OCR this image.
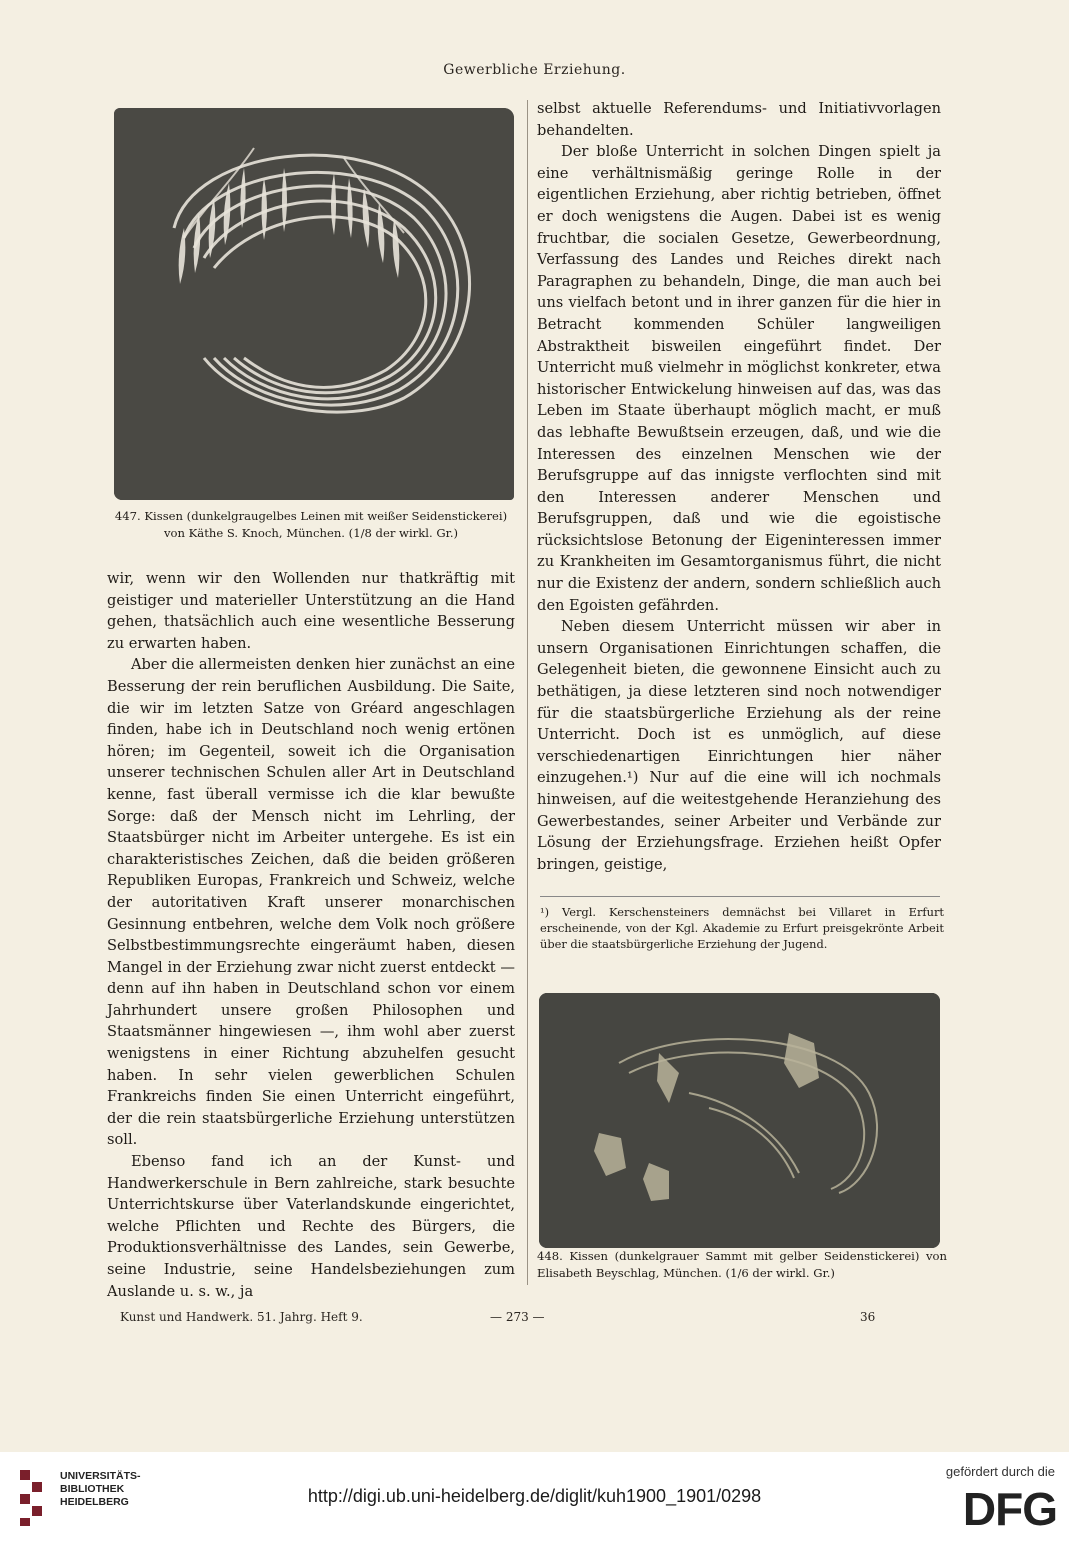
Gewerbliche Erziehung.
447. Kissen (dunkelgraugelbes Leinen mit weißer Seidenstickerei)
von Käthe S. Knoch, München. (1/8 der wirkl. Gr.)

wir, wenn wir den Wollenden nur thatkräftig mit geistiger und materieller Unterstützung an die Hand gehen, thatsächlich auch eine wesentliche Besserung zu erwarten haben.

Aber die allermeisten denken hier zunächst an eine Besserung der rein beruflichen Ausbildung. Die Saite, die wir im letzten Satze von Gréard angeschlagen finden, habe ich in Deutschland noch wenig ertönen hören; im Gegenteil, soweit ich die Organisation unserer technischen Schulen aller Art in Deutschland kenne, fast überall vermisse ich die klar bewußte Sorge: daß der Mensch nicht im Lehrling, der Staatsbürger nicht im Arbeiter untergehe. Es ist ein charakteristisches Zeichen, daß die beiden größeren Republiken Europas, Frankreich und Schweiz, welche der autoritativen Kraft unserer monarchischen Gesinnung entbehren, welche dem Volk noch größere Selbstbestimmungsrechte eingeräumt haben, diesen Mangel in der Erziehung zwar nicht zuerst entdeckt — denn auf ihn haben in Deutschland schon vor einem Jahrhundert unsere großen Philosophen und Staatsmänner hingewiesen —, ihm wohl aber zuerst wenigstens in einer Richtung abzuhelfen gesucht haben. In sehr vielen gewerblichen Schulen Frankreichs finden Sie einen Unterricht eingeführt, der die rein staatsbürgerliche Erziehung unterstützen soll.

Ebenso fand ich an der Kunst- und Handwerkerschule in Bern zahlreiche, stark besuchte Unterrichtskurse über Vaterlandskunde eingerichtet, welche Pflichten und Rechte des Bürgers, die Produktionsverhältnisse des Landes, sein Gewerbe, seine Industrie, seine Handelsbeziehungen zum Auslande u. s. w., ja

selbst aktuelle Referendums- und Initiativvorlagen behandelten.

Der bloße Unterricht in solchen Dingen spielt ja eine verhältnismäßig geringe Rolle in der eigentlichen Erziehung, aber richtig betrieben, öffnet er doch wenigstens die Augen. Dabei ist es wenig fruchtbar, die socialen Gesetze, Gewerbeordnung, Verfassung des Landes und Reiches direkt nach Paragraphen zu behandeln, Dinge, die man auch bei uns vielfach betont und in ihrer ganzen für die hier in Betracht kommenden Schüler langweiligen Abstraktheit bisweilen eingeführt findet. Der Unterricht muß vielmehr in möglichst konkreter, etwa historischer Entwickelung hinweisen auf das, was das Leben im Staate überhaupt möglich macht, er muß das lebhafte Bewußtsein erzeugen, daß, und wie die Interessen des einzelnen Menschen wie der Berufsgruppe auf das innigste verflochten sind mit den Interessen anderer Menschen und Berufsgruppen, daß und wie die egoistische rücksichtslose Betonung der Eigeninteressen immer zu Krankheiten im Gesamtorganismus führt, die nicht nur die Existenz der andern, sondern schließlich auch den Egoisten gefährden.

Neben diesem Unterricht müssen wir aber in unsern Organisationen Einrichtungen schaffen, die Gelegenheit bieten, die gewonnene Einsicht auch zu bethätigen, ja diese letzteren sind noch notwendiger für die staatsbürgerliche Erziehung als der reine Unterricht. Doch ist es unmöglich, auf diese verschiedenartigen Einrichtungen hier näher einzugehen.¹) Nur auf die eine will ich nochmals hinweisen, auf die weitestgehende Heranziehung des Gewerbestandes, seiner Arbeiter und Verbände zur Lösung der Erziehungsfrage. Erziehen heißt Opfer bringen, geistige,

¹) Vergl. Kerschensteiners demnächst bei Villaret in Erfurt erscheinende, von der Kgl. Akademie zu Erfurt preisgekrönte Arbeit über die staatsbürgerliche Erziehung der Jugend.
448. Kissen (dunkelgrauer Sammt mit gelber Seidenstickerei) von Elisabeth Beyschlag, München. (1/6 der wirkl. Gr.)
Kunst und Handwerk. 51. Jahrg. Heft 9.	— 273 —	36
UNIVERSITÄTS-
BIBLIOTHEK
HEIDELBERG	http://digi.ub.uni-heidelberg.de/diglit/kuh1900_1901/0298
gefördert durch die
DFG
